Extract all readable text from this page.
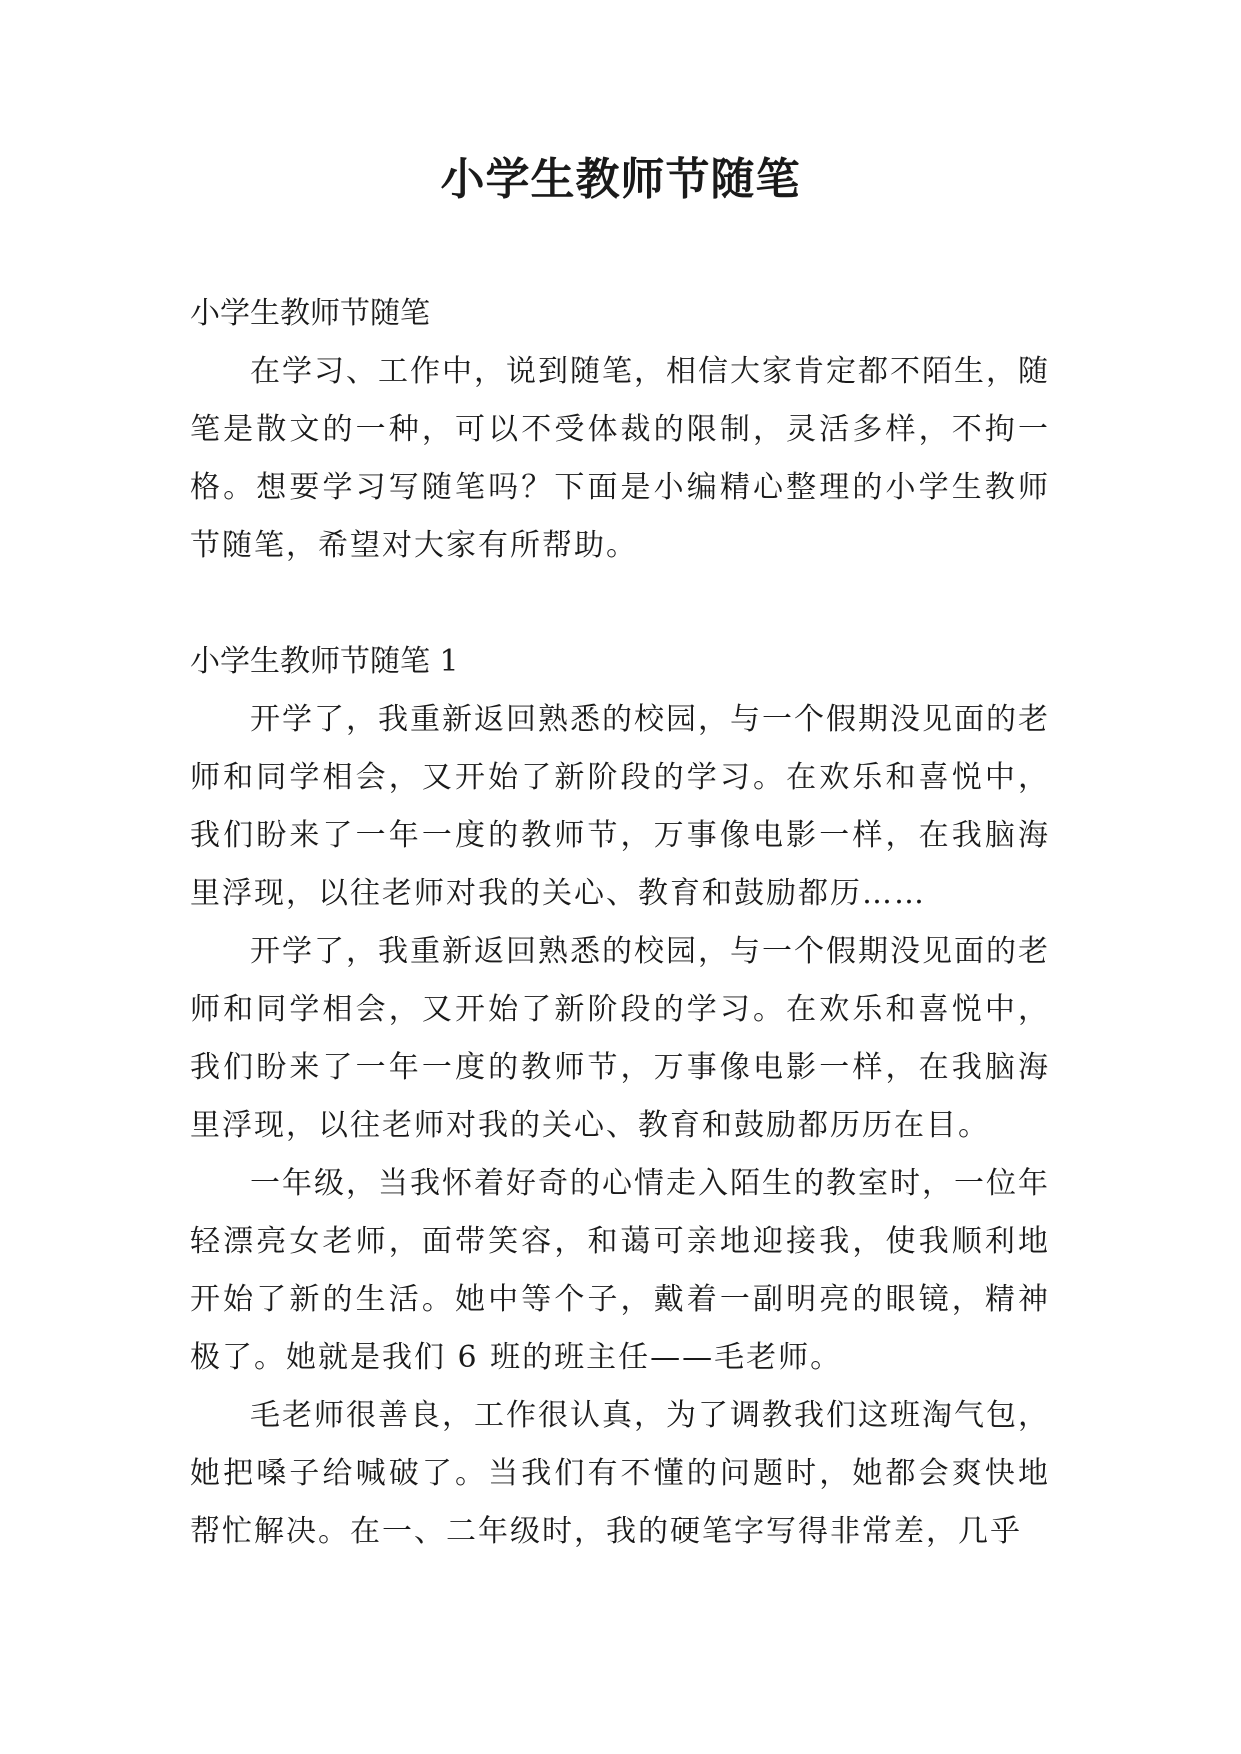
小学生教师节随笔

小学生教师节随笔

在学习、工作中，说到随笔，相信大家肯定都不陌生，随笔是散文的一种，可以不受体裁的限制，灵活多样，不拘一格。想要学习写随笔吗？下面是小编精心整理的小学生教师节随笔，希望对大家有所帮助。

小学生教师节随笔 1

开学了，我重新返回熟悉的校园，与一个假期没见面的老师和同学相会，又开始了新阶段的学习。在欢乐和喜悦中，我们盼来了一年一度的教师节，万事像电影一样，在我脑海里浮现，以往老师对我的关心、教育和鼓励都历……

开学了，我重新返回熟悉的校园，与一个假期没见面的老师和同学相会，又开始了新阶段的学习。在欢乐和喜悦中，我们盼来了一年一度的教师节，万事像电影一样，在我脑海里浮现，以往老师对我的关心、教育和鼓励都历历在目。

一年级，当我怀着好奇的心情走入陌生的教室时，一位年轻漂亮女老师，面带笑容，和蔼可亲地迎接我，使我顺利地开始了新的生活。她中等个子，戴着一副明亮的眼镜，精神极了。她就是我们 6 班的班主任——毛老师。

毛老师很善良，工作很认真，为了调教我们这班淘气包，她把嗓子给喊破了。当我们有不懂的问题时，她都会爽快地帮忙解决。在一、二年级时，我的硬笔字写得非常差，几乎
